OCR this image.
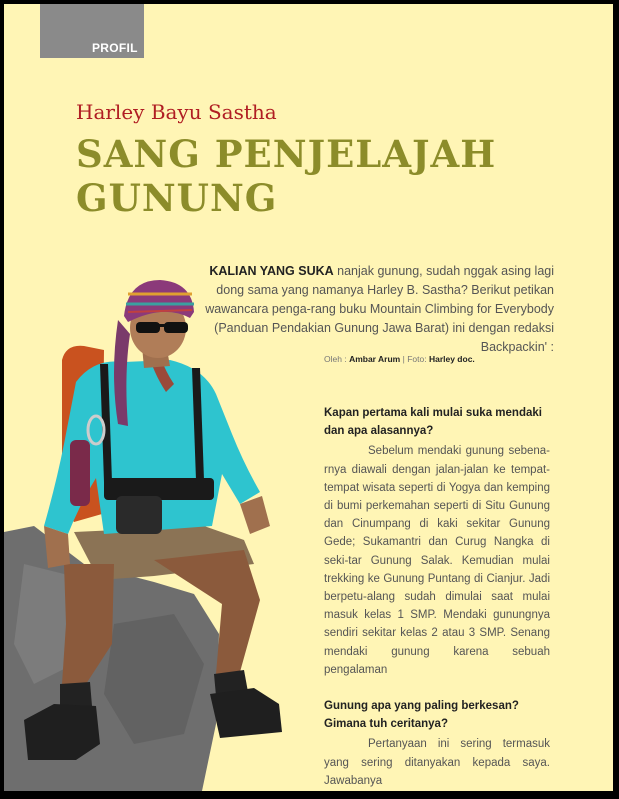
PROFIL
Harley Bayu Sastha
SANG PENJELAJAH
GUNUNG
KALIAN YANG SUKA nanjak gunung, sudah nggak asing lagi dong sama yang namanya Harley B. Sastha? Berikut petikan wawancara penga-rang buku Mountain Climbing for Everybody (Panduan Pendakian Gunung Jawa Barat) ini dengan redaksi Backpackin' :
Oleh : Ambar Arum | Foto: Harley doc.

Kapan pertama kali mulai suka mendaki dan apa alasannya?

Sebelum mendaki gunung sebena-rnya diawali dengan jalan-jalan ke tempat-tempat wisata seperti di Yogya dan kemping di bumi perkemahan seperti di Situ Gunung dan Cinumpang di kaki sekitar Gunung Gede; Sukamantri dan Curug Nangka di seki-tar Gunung Salak. Kemudian mulai trekking ke Gunung Puntang di Cianjur. Jadi berpetu-alang sudah dimulai saat mulai masuk kelas 1 SMP. Mendaki gunungnya sendiri sekitar kelas 2 atau 3 SMP. Senang mendaki gunung karena sebuah pengalaman

Gunung apa yang paling berkesan? Gimana tuh ceritanya?

Pertanyaan ini sering termasuk yang sering ditanyakan kepada saya. Jawabanya
